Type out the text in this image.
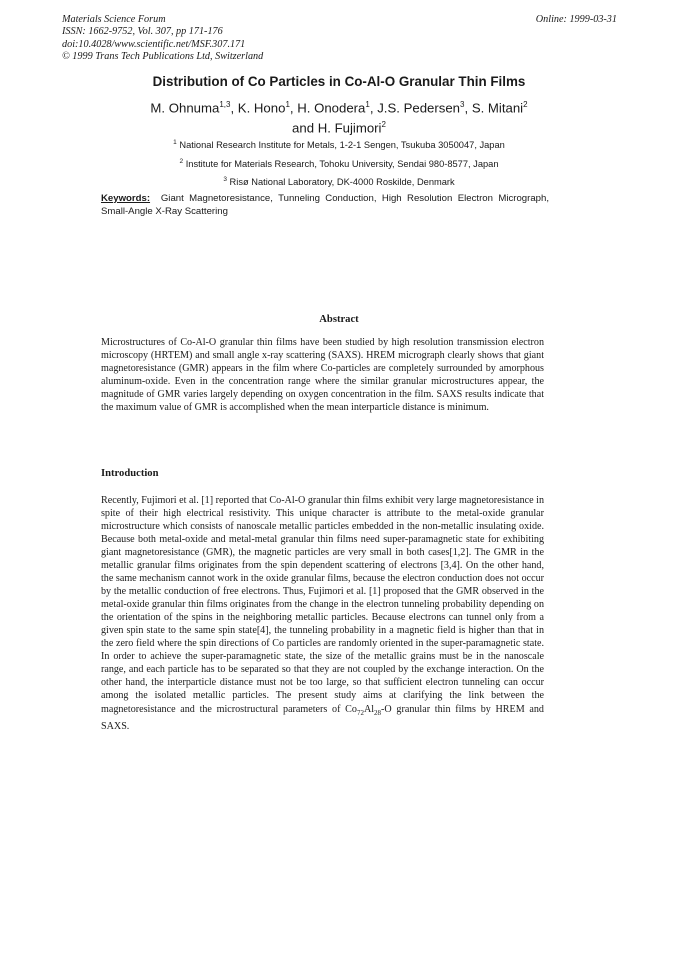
Materials Science Forum
ISSN: 1662-9752, Vol. 307, pp 171-176
doi:10.4028/www.scientific.net/MSF.307.171
© 1999 Trans Tech Publications Ltd, Switzerland
Online: 1999-03-31
Distribution of Co Particles in Co-Al-O Granular Thin Films
M. Ohnuma$^{1,3}$, K. Hono$^1$, H. Onodera$^1$, J.S. Pedersen$^3$, S. Mitani$^2$
and H. Fujimori$^2$
$^1$ National Research Institute for Metals, 1-2-1 Sengen, Tsukuba 3050047, Japan
$^2$ Institute for Materials Research, Tohoku University, Sendai 980-8577, Japan
$^3$ Risø National Laboratory, DK-4000 Roskilde, Denmark
Keywords: Giant Magnetoresistance, Tunneling Conduction, High Resolution Electron Micrograph, Small-Angle X-Ray Scattering
Abstract

Microstructures of Co-Al-O granular thin films have been studied by high resolution transmission electron microscopy (HRTEM) and small angle x-ray scattering (SAXS). HREM micrograph clearly shows that giant magnetoresistance (GMR) appears in the film where Co-particles are completely surrounded by amorphous aluminum-oxide. Even in the concentration range where the similar granular microstructures appear, the magnitude of GMR varies largely depending on oxygen concentration in the film. SAXS results indicate that the maximum value of GMR is accomplished when the mean interparticle distance is minimum.

Introduction

Recently, Fujimori et al. [1] reported that Co-Al-O granular thin films exhibit very large magnetoresistance in spite of their high electrical resistivity. This unique character is attribute to the metal-oxide granular microstructure which consists of nanoscale metallic particles embedded in the non-metallic insulating oxide. Because both metal-oxide and metal-metal granular thin films need super-paramagnetic state for exhibiting giant magnetoresistance (GMR), the magnetic particles are very small in both cases[1,2]. The GMR in the metallic granular films originates from the spin dependent scattering of electrons [3,4]. On the other hand, the same mechanism cannot work in the oxide granular films, because the electron conduction does not occur by the metallic conduction of free electrons. Thus, Fujimori et al. [1] proposed that the GMR observed in the metal-oxide granular thin films originates from the change in the electron tunneling probability depending on the orientation of the spins in the neighboring metallic particles. Because electrons can tunnel only from a given spin state to the same spin state[4], the tunneling probability in a magnetic field is higher than that in the zero field where the spin directions of Co particles are randomly oriented in the super-paramagnetic state. In order to achieve the super-paramagnetic state, the size of the metallic grains must be in the nanoscale range, and each particle has to be separated so that they are not coupled by the exchange interaction. On the other hand, the interparticle distance must not be too large, so that sufficient electron tunneling can occur among the isolated metallic particles. The present study aims at clarifying the link between the magnetoresistance and the microstructural parameters of $Co_{72}Al_{28}-O$ granular thin films by HREM and SAXS.
